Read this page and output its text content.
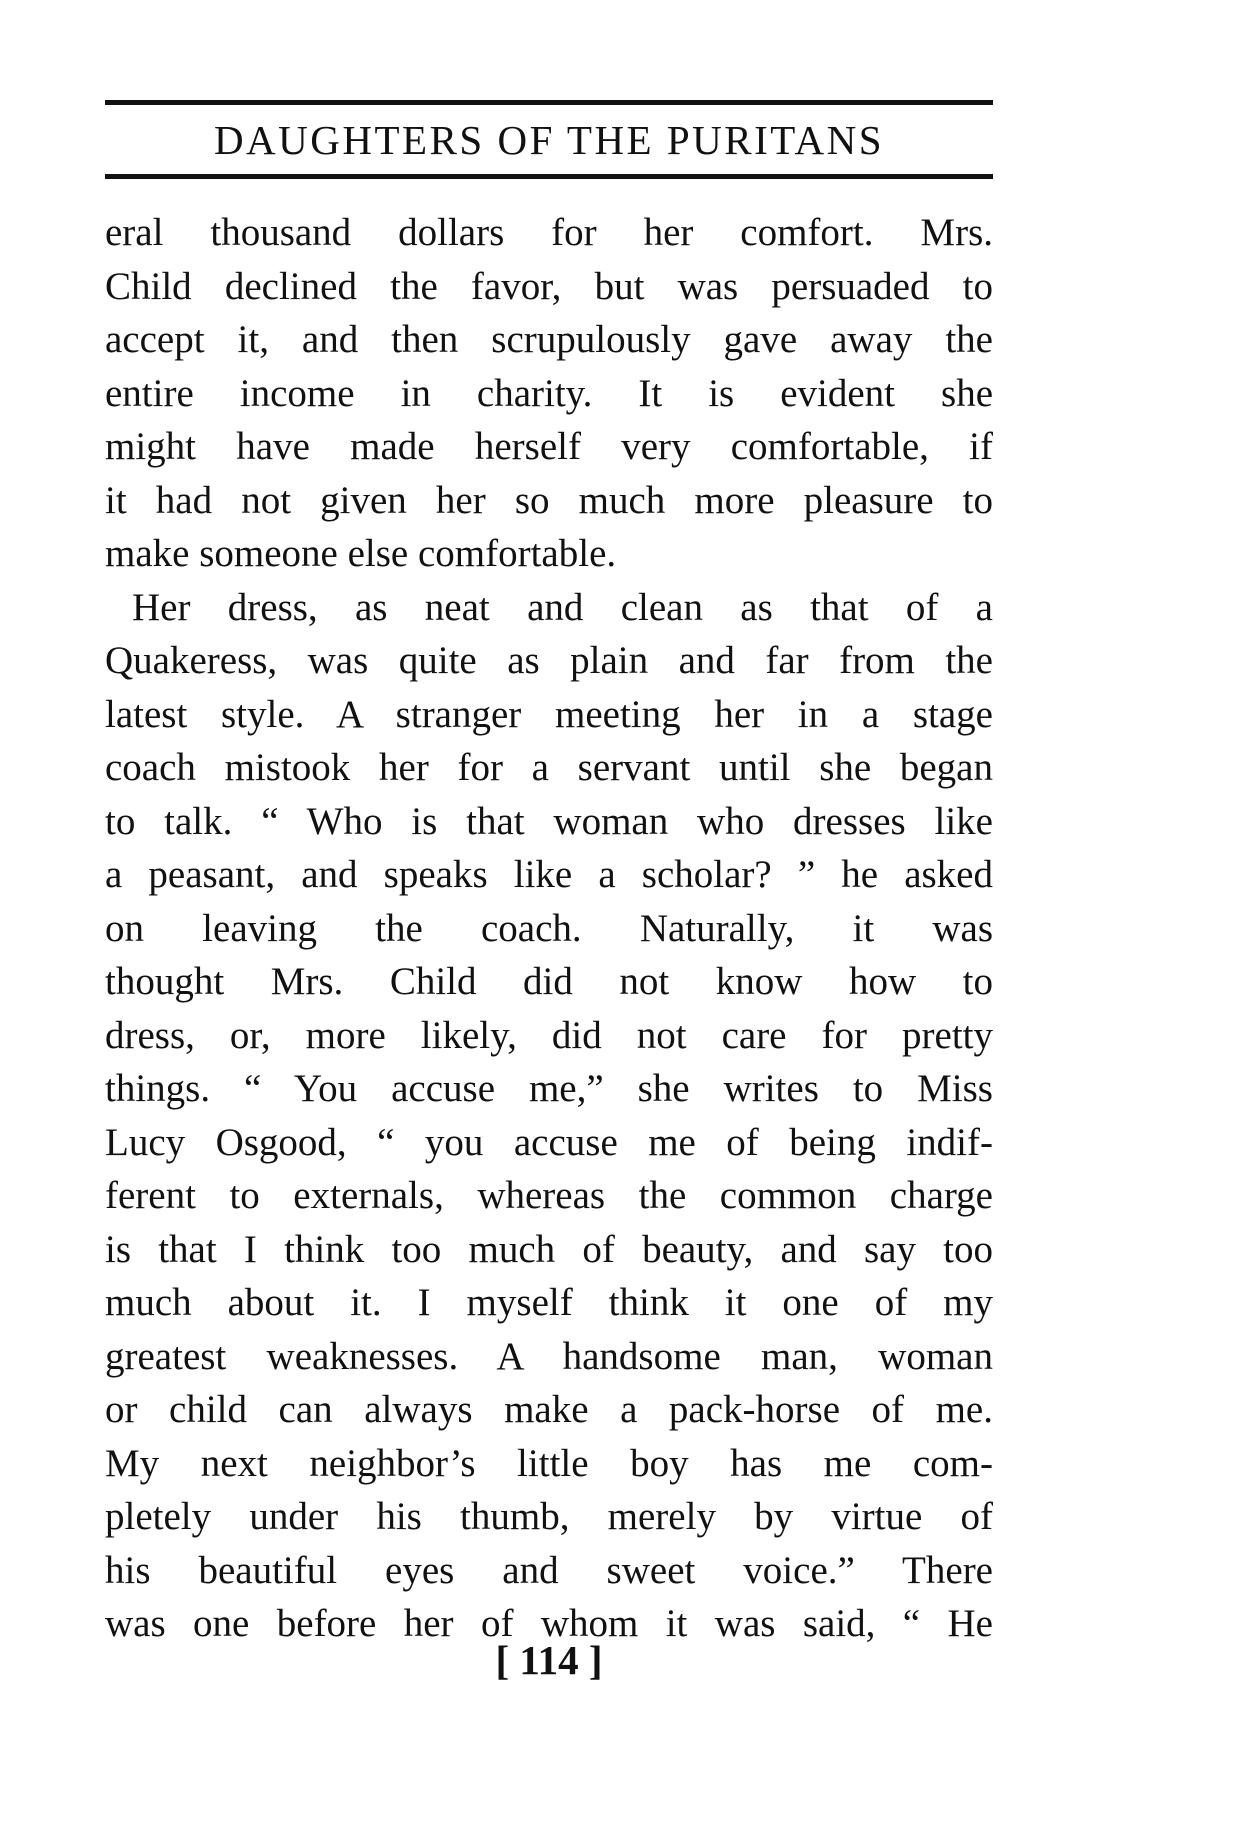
DAUGHTERS OF THE PURITANS
eral thousand dollars for her comfort. Mrs.
Child declined the favor, but was persuaded to
accept it, and then scrupulously gave away the
entire income in charity. It is evident she
might have made herself very comfortable, if
it had not given her so much more pleasure to
make someone else comfortable.
Her dress, as neat and clean as that of a
Quakeress, was quite as plain and far from the
latest style. A stranger meeting her in a stage
coach mistook her for a servant until she began
to talk. “ Who is that woman who dresses like
a peasant, and speaks like a scholar? ” he asked
on leaving the coach. Naturally, it was
thought Mrs. Child did not know how to
dress, or, more likely, did not care for pretty
things. “ You accuse me,” she writes to Miss
Lucy Osgood, “ you accuse me of being indif-
ferent to externals, whereas the common charge
is that I think too much of beauty, and say too
much about it. I myself think it one of my
greatest weaknesses. A handsome man, woman
or child can always make a pack-horse of me.
My next neighbor’s little boy has me com-
pletely under his thumb, merely by virtue of
his beautiful eyes and sweet voice.” There
was one before her of whom it was said, “ He
[ 114 ]
